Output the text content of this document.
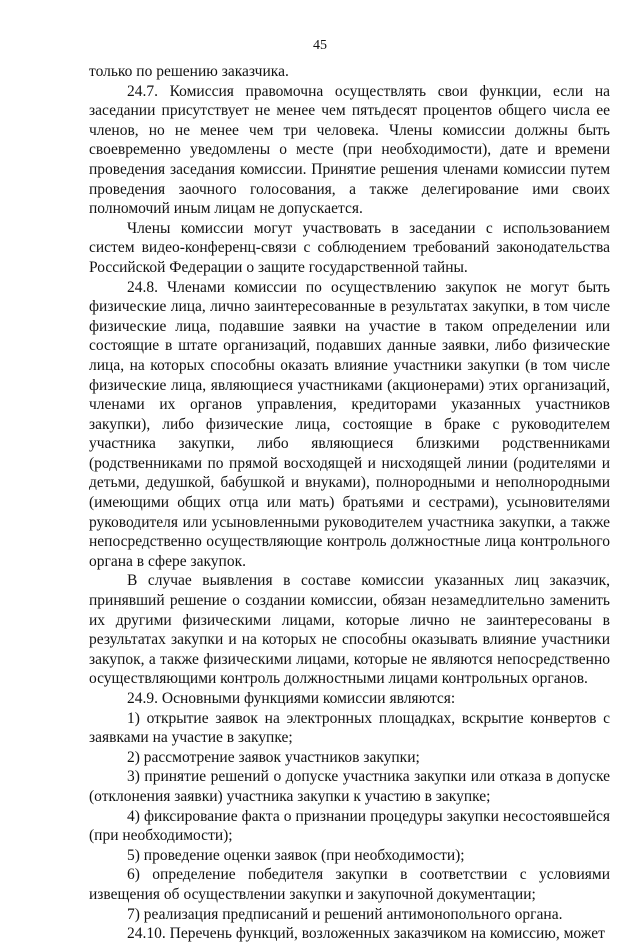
45

только по решению заказчика.

24.7. Комиссия правомочна осуществлять свои функции, если на заседании присутствует не менее чем пятьдесят процентов общего числа ее членов, но не менее чем три человека. Члены комиссии должны быть своевременно уведомлены о месте (при необходимости), дате и времени проведения заседания комиссии. Принятие решения членами комиссии путем проведения заочного голосования, а также делегирование ими своих полномочий иным лицам не допускается.

Члены комиссии могут участвовать в заседании с использованием систем видео-конференц-связи с соблюдением требований законодательства Российской Федерации о защите государственной тайны.

24.8. Членами комиссии по осуществлению закупок не могут быть физические лица, лично заинтересованные в результатах закупки, в том числе физические лица, подавшие заявки на участие в таком определении или состоящие в штате организаций, подавших данные заявки, либо физические лица, на которых способны оказать влияние участники закупки (в том числе физические лица, являющиеся участниками (акционерами) этих организаций, членами их органов управления, кредиторами указанных участников закупки), либо физические лица, состоящие в браке с руководителем участника закупки, либо являющиеся близкими родственниками (родственниками по прямой восходящей и нисходящей линии (родителями и детьми, дедушкой, бабушкой и внуками), полнородными и неполнородными (имеющими общих отца или мать) братьями и сестрами), усыновителями руководителя или усыновленными руководителем участника закупки, а также непосредственно осуществляющие контроль должностные лица контрольного органа в сфере закупок.

В случае выявления в составе комиссии указанных лиц заказчик, принявший решение о создании комиссии, обязан незамедлительно заменить их другими физическими лицами, которые лично не заинтересованы в результатах закупки и на которых не способны оказывать влияние участники закупок, а также физическими лицами, которые не являются непосредственно осуществляющими контроль должностными лицами контрольных органов.

24.9. Основными функциями комиссии являются:

1) открытие заявок на электронных площадках, вскрытие конвертов с заявками на участие в закупке;

2) рассмотрение заявок участников закупки;

3) принятие решений о допуске участника закупки или отказа в допуске (отклонения заявки) участника закупки к участию в закупке;

4) фиксирование факта о признании процедуры закупки несостоявшейся (при необходимости);

5) проведение оценки заявок (при необходимости);

6) определение победителя закупки в соответствии с условиями извещения об осуществлении закупки и закупочной документации;

7) реализация предписаний и решений антимонопольного органа.

24.10. Перечень функций, возложенных заказчиком на комиссию, может
